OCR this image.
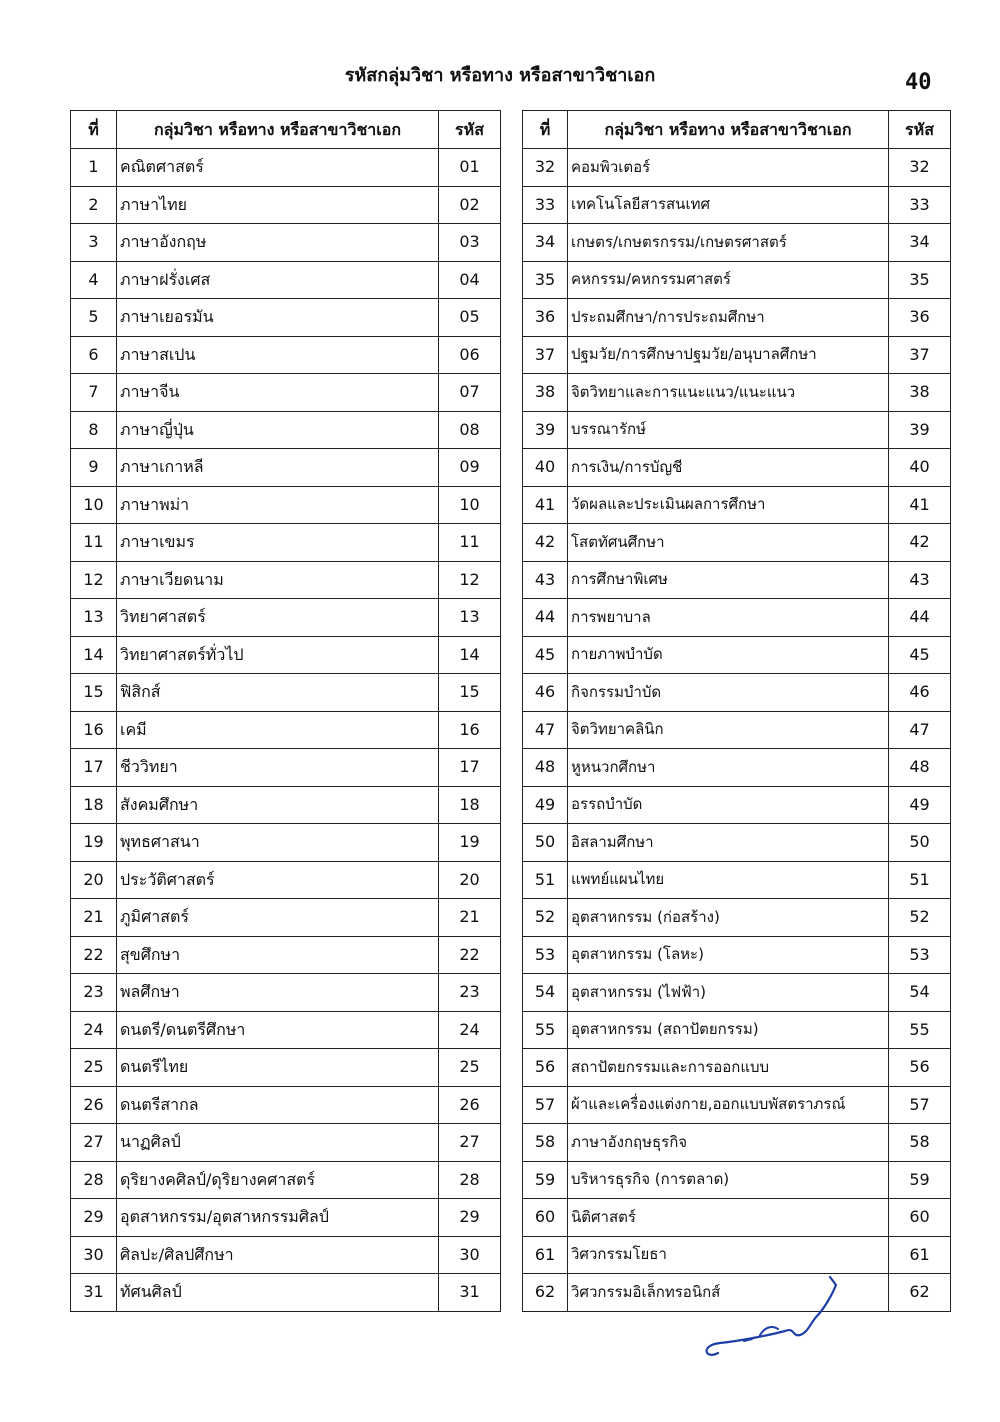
รหัสกลุ่มวิชา หรือทาง หรือสาขาวิชาเอก	40
ที่	กลุ่มวิชา หรือทาง หรือสาขาวิชาเอก	รหัส
1	คณิตศาสตร์	01
2	ภาษาไทย	02
3	ภาษาอังกฤษ	03
4	ภาษาฝรั่งเศส	04
5	ภาษาเยอรมัน	05
6	ภาษาสเปน	06
7	ภาษาจีน	07
8	ภาษาญี่ปุ่น	08
9	ภาษาเกาหลี	09
10	ภาษาพม่า	10
11	ภาษาเขมร	11
12	ภาษาเวียดนาม	12
13	วิทยาศาสตร์	13
14	วิทยาศาสตร์ทั่วไป	14
15	ฟิสิกส์	15
16	เคมี	16
17	ชีววิทยา	17
18	สังคมศึกษา	18
19	พุทธศาสนา	19
20	ประวัติศาสตร์	20
21	ภูมิศาสตร์	21
22	สุขศึกษา	22
23	พลศึกษา	23
24	ดนตรี/ดนตรีศึกษา	24
25	ดนตรีไทย	25
26	ดนตรีสากล	26
27	นาฏศิลป์	27
28	ดุริยางคศิลป์/ดุริยางคศาสตร์	28
29	อุตสาหกรรม/อุตสาหกรรมศิลป์	29
30	ศิลปะ/ศิลปศึกษา	30
31	ทัศนศิลป์	31
ที่	กลุ่มวิชา หรือทาง หรือสาขาวิชาเอก	รหัส
32	คอมพิวเตอร์	32
33	เทคโนโลยีสารสนเทศ	33
34	เกษตร/เกษตรกรรม/เกษตรศาสตร์	34
35	คหกรรม/คหกรรมศาสตร์	35
36	ประถมศึกษา/การประถมศึกษา	36
37	ปฐมวัย/การศึกษาปฐมวัย/อนุบาลศึกษา	37
38	จิตวิทยาและการแนะแนว/แนะแนว	38
39	บรรณารักษ์	39
40	การเงิน/การบัญชี	40
41	วัดผลและประเมินผลการศึกษา	41
42	โสตทัศนศึกษา	42
43	การศึกษาพิเศษ	43
44	การพยาบาล	44
45	กายภาพบำบัด	45
46	กิจกรรมบำบัด	46
47	จิตวิทยาคลินิก	47
48	หูหนวกศึกษา	48
49	อรรถบำบัด	49
50	อิสลามศึกษา	50
51	แพทย์แผนไทย	51
52	อุตสาหกรรม (ก่อสร้าง)	52
53	อุตสาหกรรม (โลหะ)	53
54	อุตสาหกรรม (ไฟฟ้า)	54
55	อุตสาหกรรม (สถาปัตยกรรม)	55
56	สถาปัตยกรรมและการออกแบบ	56
57	ผ้าและเครื่องแต่งกาย,ออกแบบพัสตราภรณ์	57
58	ภาษาอังกฤษธุรกิจ	58
59	บริหารธุรกิจ (การตลาด)	59
60	นิติศาสตร์	60
61	วิศวกรรมโยธา	61
62	วิศวกรรมอิเล็กทรอนิกส์	62
